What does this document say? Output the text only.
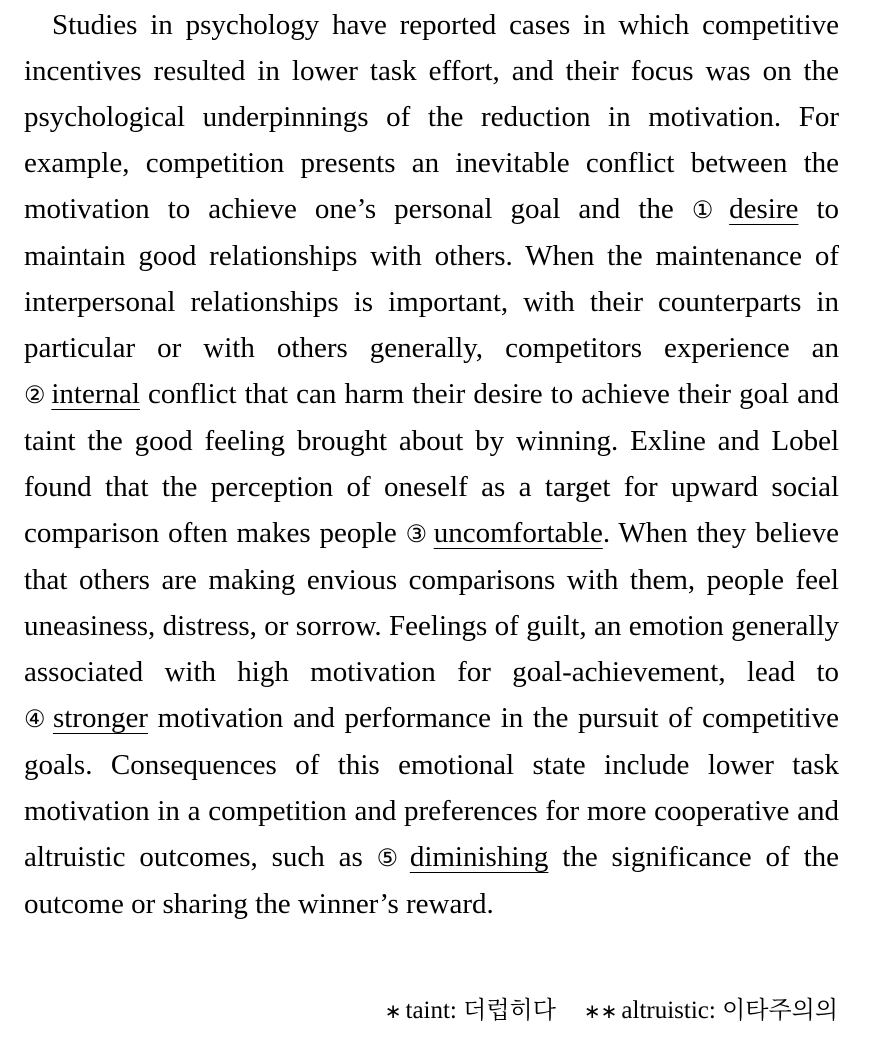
Studies in psychology have reported cases in which competitive incentives resulted in lower task effort, and their focus was on the psychological underpinnings of the reduction in motivation. For example, competition presents an inevitable conflict between the motivation to achieve one’s personal goal and the ① desire to maintain good relationships with others. When the maintenance of interpersonal relationships is important, with their counterparts in particular or with others generally, competitors experience an ② internal conflict that can harm their desire to achieve their goal and taint the good feeling brought about by winning. Exline and Lobel found that the perception of oneself as a target for upward social comparison often makes people ③ uncomfortable. When they believe that others are making envious comparisons with them, people feel uneasiness, distress, or sorrow. Feelings of guilt, an emotion generally associated with high motivation for goal-achievement, lead to ④ stronger motivation and performance in the pursuit of competitive goals. Consequences of this emotional state include lower task motivation in a competition and preferences for more cooperative and altruistic outcomes, such as ⑤ diminishing the significance of the outcome or sharing the winner’s reward.

∗ taint: 더럽히다 ∗∗ altruistic: 이타주의의
